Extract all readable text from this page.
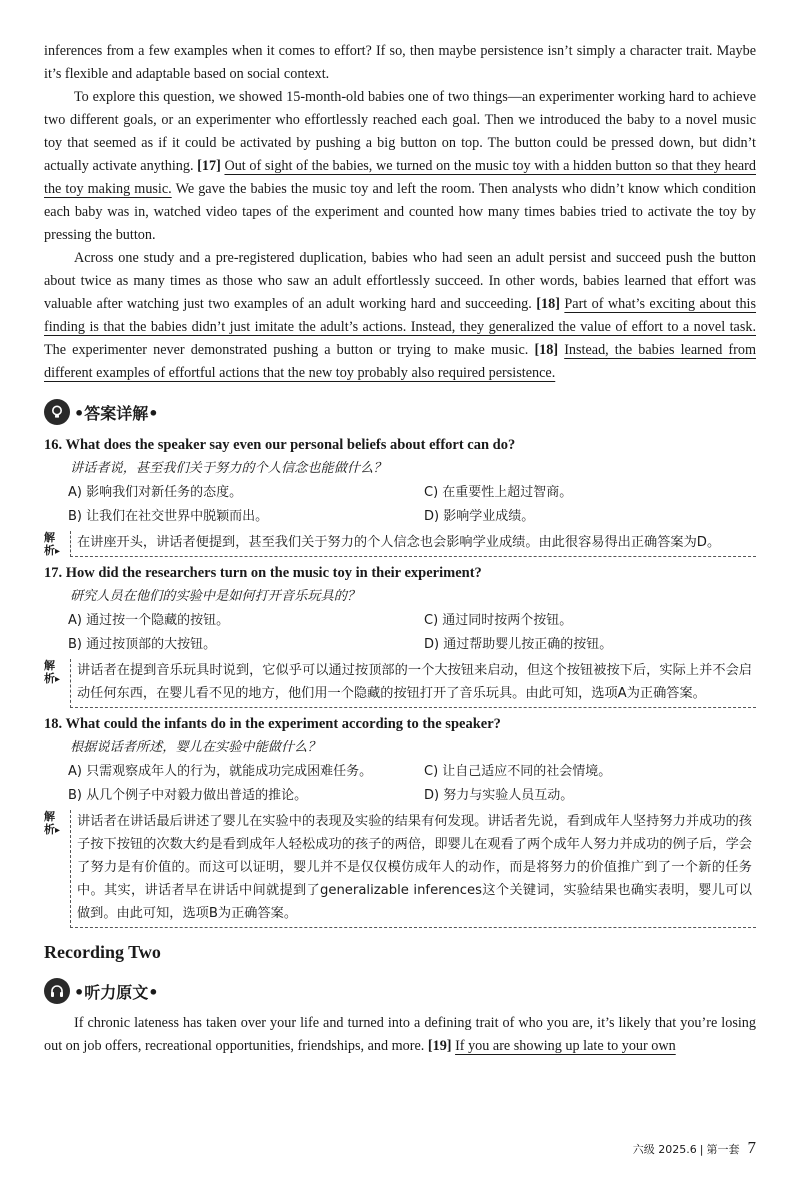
inferences from a few examples when it comes to effort? If so, then maybe persistence isn’t simply a character trait. Maybe it’s flexible and adaptable based on social context.

To explore this question, we showed 15-month-old babies one of two things—an experimenter working hard to achieve two different goals, or an experimenter who effortlessly reached each goal. Then we introduced the baby to a novel music toy that seemed as if it could be activated by pushing a big button on top. The button could be pressed down, but didn’t actually activate anything. [17] Out of sight of the babies, we turned on the music toy with a hidden button so that they heard the toy making music. We gave the babies the music toy and left the room. Then analysts who didn’t know which condition each baby was in, watched video tapes of the experiment and counted how many times babies tried to activate the toy by pressing the button.

Across one study and a pre-registered duplication, babies who had seen an adult persist and succeed push the button about twice as many times as those who saw an adult effortlessly succeed. In other words, babies learned that effort was valuable after watching just two examples of an adult working hard and succeeding. [18] Part of what’s exciting about this finding is that the babies didn’t just imitate the adult’s actions. Instead, they generalized the value of effort to a novel task. The experimenter never demonstrated pushing a button or trying to make music. [18] Instead, the babies learned from different examples of effortful actions that the new toy probably also required persistence.

•答案详解•
16. What does the speaker say even our personal beliefs about effort can do?
讲话者说，甚至我们关于努力的个人信念也能做什么？
A) 影响我们对新任务的态度。	C) 在重要性上超过智商。
B) 让我们在社交世界中脱颖而出。	D) 影响学业成绩。
解析▸
在讲座开头，讲话者便提到，甚至我们关于努力的个人信念也会影响学业成绩。由此很容易得出正确答案为D。
17. How did the researchers turn on the music toy in their experiment?
研究人员在他们的实验中是如何打开音乐玩具的？
A) 通过按一个隐藏的按钮。	C) 通过同时按两个按钮。
B) 通过按顶部的大按钮。	D) 通过帮助婴儿按正确的按钮。
解析▸
讲话者在提到音乐玩具时说到，它似乎可以通过按顶部的一个大按钮来启动，但这个按钮被按下后，实际上并不会启动任何东西，在婴儿看不见的地方，他们用一个隐藏的按钮打开了音乐玩具。由此可知，选项A为正确答案。
18. What could the infants do in the experiment according to the speaker?
根据说话者所述，婴儿在实验中能做什么？
A) 只需观察成年人的行为，就能成功完成困难任务。	C) 让自己适应不同的社会情境。
B) 从几个例子中对毅力做出普适的推论。	D) 努力与实验人员互动。
解析▸
讲话者在讲话最后讲述了婴儿在实验中的表现及实验的结果有何发现。讲话者先说，看到成年人坚持努力并成功的孩子按下按钮的次数大约是看到成年人轻松成功的孩子的两倍，即婴儿在观看了两个成年人努力并成功的例子后，学会了努力是有价值的。而这可以证明，婴儿并不是仅仅模仿成年人的动作，而是将努力的价值推广到了一个新的任务中。其实，讲话者早在讲话中间就提到了generalizable inferences这个关键词，实验结果也确实表明，婴儿可以做到。由此可知，选项B为正确答案。
Recording Two
•听力原文•

If chronic lateness has taken over your life and turned into a defining trait of who you are, it’s likely that you’re losing out on job offers, recreational opportunities, friendships, and more. [19] If you are showing up late to your own

六级 2025.6 | 第一套 7
